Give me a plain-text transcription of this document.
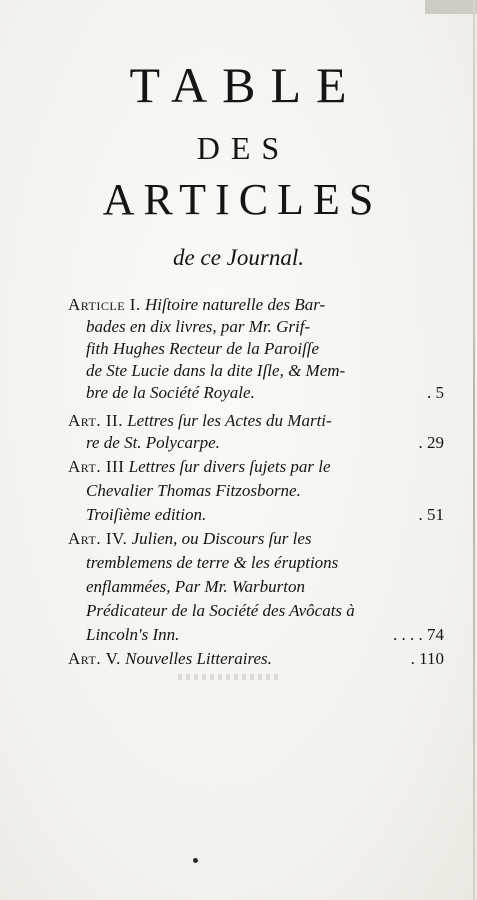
TABLE
DES
ARTICLES
de ce Journal.
Article I. Hiſtoire naturelle des Bar-
bades en dix livres, par Mr. Grif-
fith Hughes Recteur de la Paroiſſe
de Ste Lucie dans la dite Iſle, & Mem-
bre de la Société Royale.	. 5
Art. II. Lettres ſur les Actes du Marti-
re de St. Polycarpe.	. 29
Art. III Lettres ſur divers ſujets par le
Chevalier Thomas Fitzosborne.
Troiſième edition.	. 51
Art. IV. Julien, ou Discours ſur les
tremblemens de terre & les éruptions
enflammées, Par Mr. Warburton
Prédicateur de la Société des Avôcats à
Lincoln's Inn.	. . . . 74
Art. V. Nouvelles Litteraires.	. 110
